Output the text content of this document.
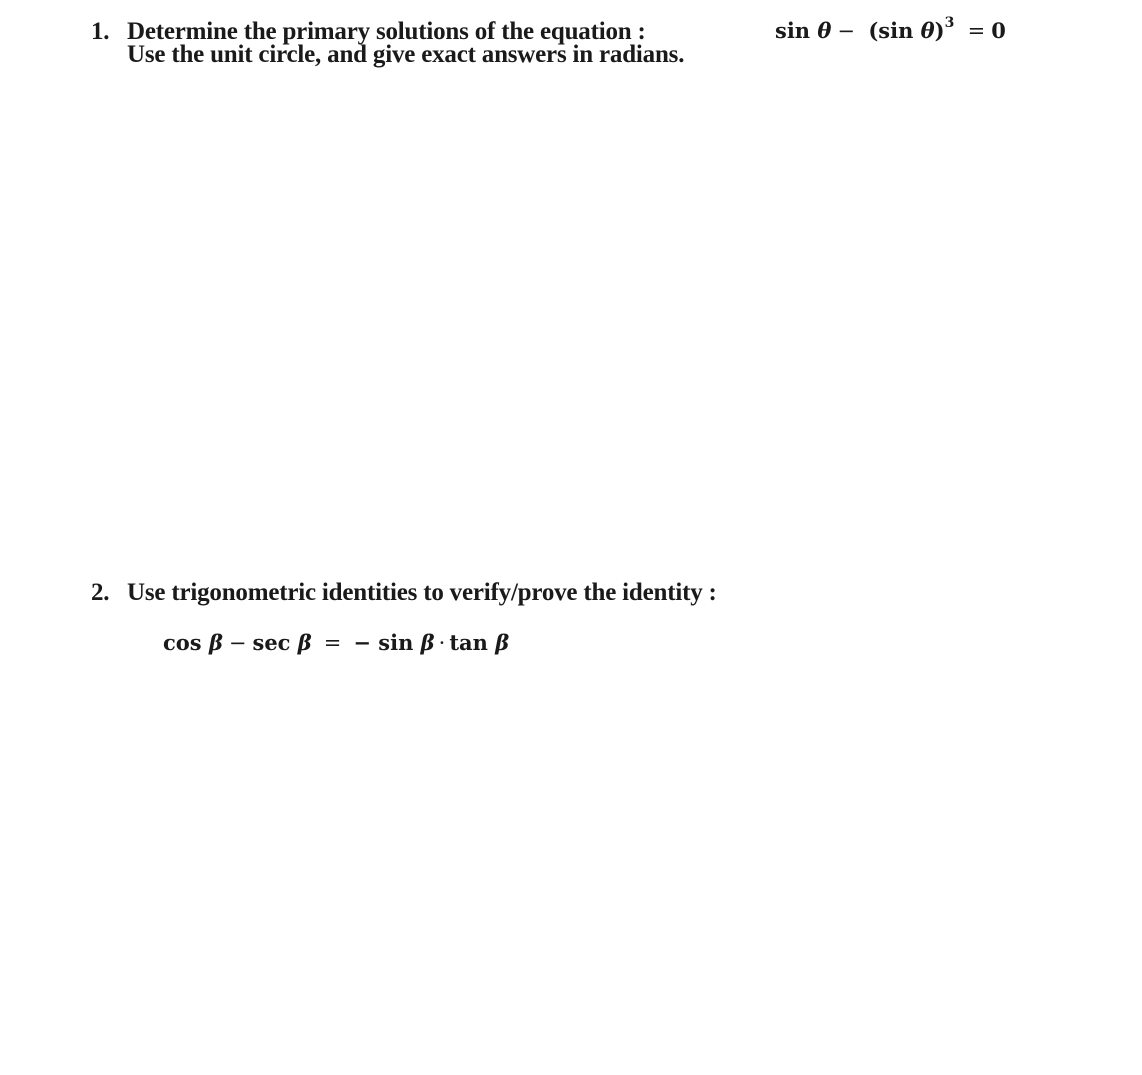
1. Determine the primary solutions of the equation :
Use the unit circle, and give exact answers in radians.
sin θ − (sin θ)$^3$ = 0
2. Use trigonometric identities to verify/prove the identity :
cos β − sec β = − sin β · tan β
